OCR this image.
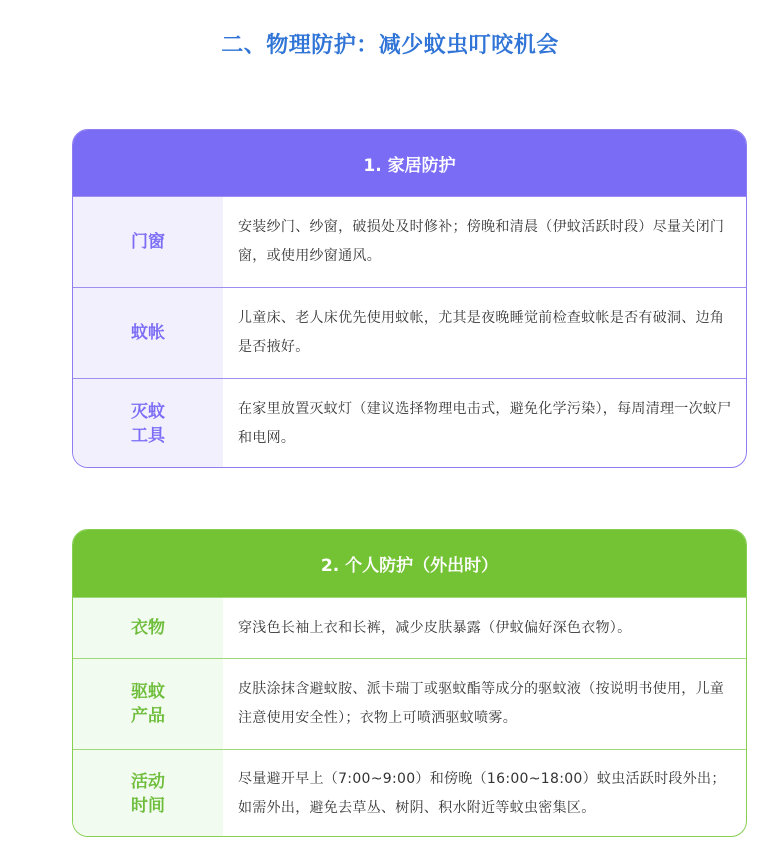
二、物理防护：减少蚊虫叮咬机会
1. 家居防护
门窗
安装纱门、纱窗，破损处及时修补；傍晚和清晨（伊蚊活跃时段）尽量关闭门窗，或使用纱窗通风。
蚊帐
儿童床、老人床优先使用蚊帐，尤其是夜晚睡觉前检查蚊帐是否有破洞、边角是否掖好。
灭蚊
工具
在家里放置灭蚊灯（建议选择物理电击式，避免化学污染），每周清理一次蚊尸和电网。
2. 个人防护（外出时）
衣物	穿浅色长袖上衣和长裤，减少皮肤暴露（伊蚊偏好深色衣物）。
驱蚊
产品
皮肤涂抹含避蚊胺、派卡瑞丁或驱蚊酯等成分的驱蚊液（按说明书使用，儿童注意使用安全性）；衣物上可喷洒驱蚊喷雾。
活动
时间
尽量避开早上（7:00~9:00）和傍晚（16:00~18:00）蚊虫活跃时段外出；如需外出，避免去草丛、树阴、积水附近等蚊虫密集区。
